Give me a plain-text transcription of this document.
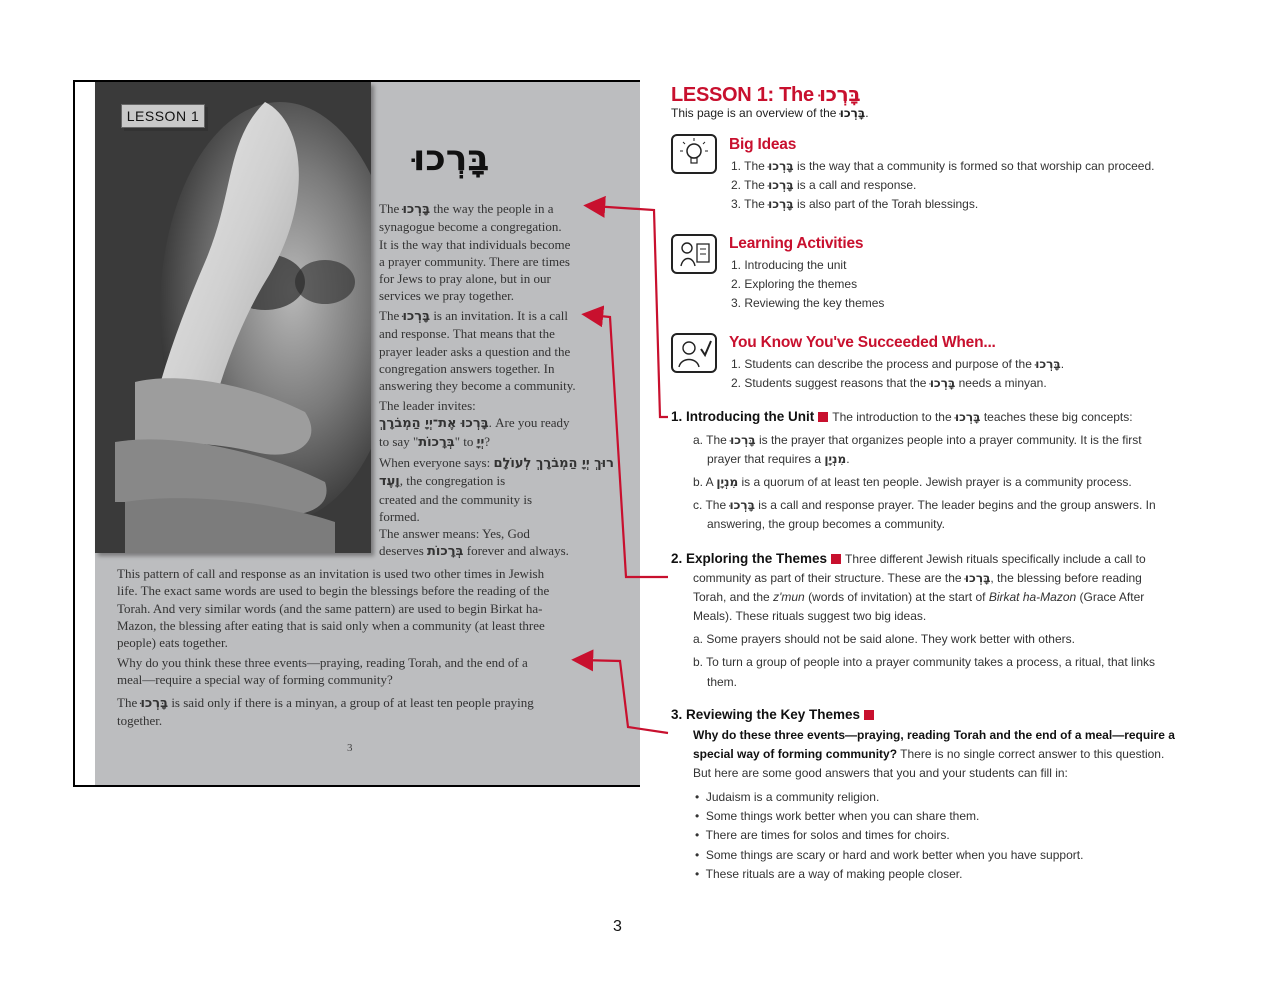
LESSON 1
בָּרְכוּ
The בָּרְכוּ the way the people in a
synagogue become a congregation.
It is the way that individuals become
a prayer community. There are times
for Jews to pray alone, but in our
services we pray together.
The בָּרְכוּ is an invitation. It is a call
and response. That means that the
prayer leader asks a question and the
congregation answers together. In
answering they become a community.
The leader invites:
בָּרְכוּ אֶת־יְיָ הַמְבֹרָךְ. Are you ready
to say "בְּרָכוֹת" to יְיָ?
When everyone says: רוּךְ יְיָ הַמְבֹרָךְ לְעוֹלָם וָעֶד, the congregation is
created and the community is
formed.
The answer means: Yes, God
deserves בְּרָכוֹת forever and always.
This pattern of call and response as an invitation is used two other times in Jewish
life. The exact same words are used to begin the blessings before the reading of the
Torah. And very similar words (and the same pattern) are used to begin Birkat ha-
Mazon, the blessing after eating that is said only when a community (at least three
people) eats together.
Why do you think these three events—praying, reading Torah, and the end of a
meal—require a special way of forming community?
The בָּרְכוּ is said only if there is a minyan, a group of at least ten people praying
together.
3
LESSON 1: The בָּרְכוּ
This page is an overview of the בָּרְכוּ.
Big Ideas
1. The בָּרְכוּ is the way that a community is formed so that worship can proceed.
2. The בָּרְכוּ is a call and response.
3. The בָּרְכוּ is also part of the Torah blessings.
Learning Activities
1. Introducing the unit
2. Exploring the themes
3. Reviewing the key themes
You Know You've Succeeded When...
1. Students can describe the process and purpose of the בָּרְכוּ.
2. Students suggest reasons that the בָּרְכוּ needs a minyan.
1. Introducing the Unit The introduction to the בָּרְכוּ teaches these big concepts:
a. The בָּרְכוּ is the prayer that organizes people into a prayer community. It is the first
prayer that requires a מִנְיָן.
b. A מִנְיָן is a quorum of at least ten people. Jewish prayer is a community process.
c. The בָּרְכוּ is a call and response prayer. The leader begins and the group answers. In
answering, the group becomes a community.
2. Exploring the Themes Three different Jewish rituals specifically include a call to
community as part of their structure. These are the בָּרְכוּ, the blessing before reading
Torah, and the z'mun (words of invitation) at the start of Birkat ha-Mazon (Grace After
Meals). These rituals suggest two big ideas.
a. Some prayers should not be said alone. They work better with others.
b. To turn a group of people into a prayer community takes a process, a ritual, that links
them.
3. Reviewing the Key Themes
Why do these three events—praying, reading Torah and the end of a meal—require a
special way of forming community? There is no single correct answer to this question.
But here are some good answers that you and your students can fill in:
•  Judaism is a community religion.
•  Some things work better when you can share them.
•  There are times for solos and times for choirs.
•  Some things are scary or hard and work better when you have support.
•  These rituals are a way of making people closer.
3
